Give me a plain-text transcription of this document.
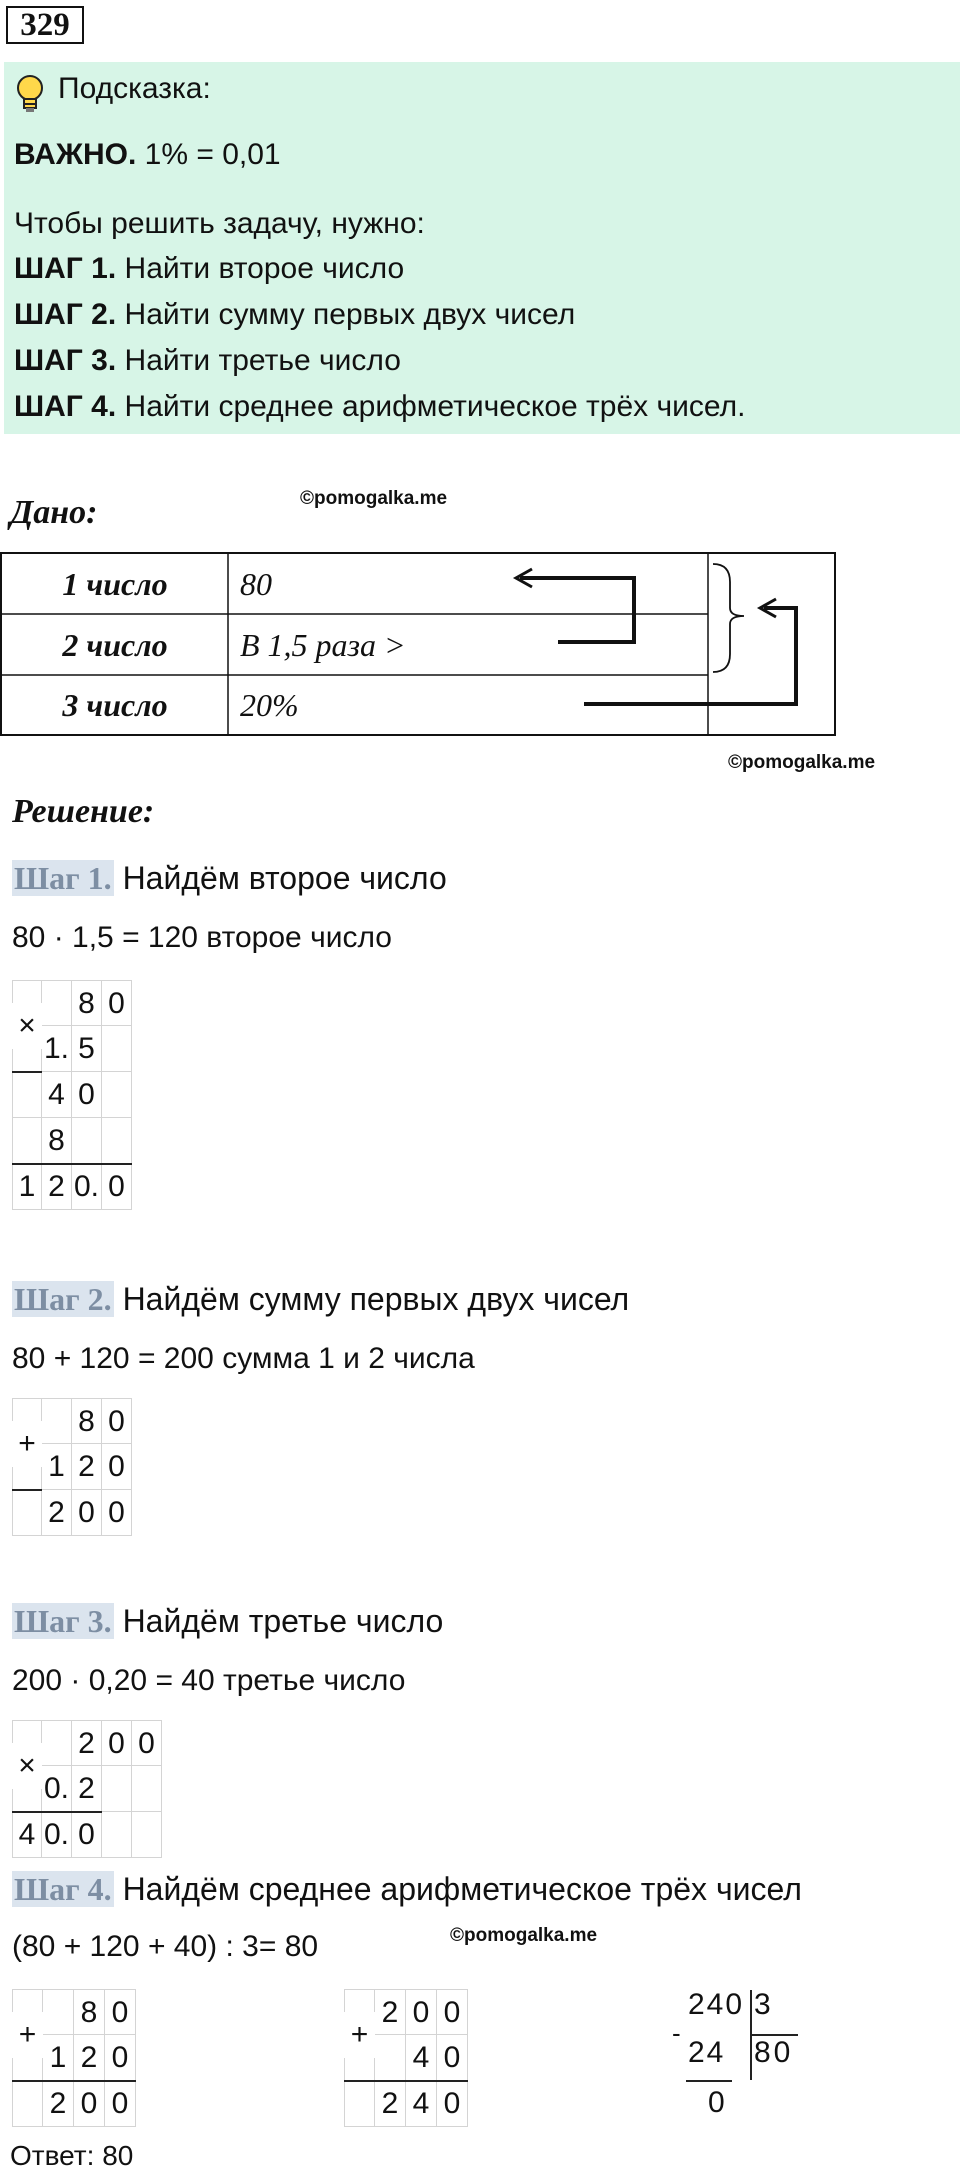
329
Подсказка:
ВАЖНО. 1% = 0,01
Чтобы решить задачу, нужно:
ШАГ 1. Найти второе число
ШАГ 2. Найти сумму первых двух чисел
ШАГ 3. Найти третье число
ШАГ 4. Найти среднее арифметическое трёх чисел.
Дано:	©pomogalka.me
1 число	80
2 число	В 1,5 раза >
3 число	20%
©pomogalka.me
Решение:
Шаг 1. Найдём второе число
80 · 1,5 = 120 второе число
8 0
1. 5
4 0
8
1 2 0. 0
×
Шаг 2. Найдём сумму первых двух чисел
80 + 120 = 200 сумма 1 и 2 числа
8 0
1 2 0
2 0 0
+
Шаг 3. Найдём третье число
200 · 0,20 = 40 третье число
2 0 0
0. 2
4 0. 0
×
Шаг 4. Найдём среднее арифметическое трёх чисел
(80 + 120 + 40) : 3= 80	©pomogalka.me
8 0
1 2 0
2 0 0
+
2 0 0
4 0
2 4 0
+
240 3
-
24 80
0
Ответ: 80
